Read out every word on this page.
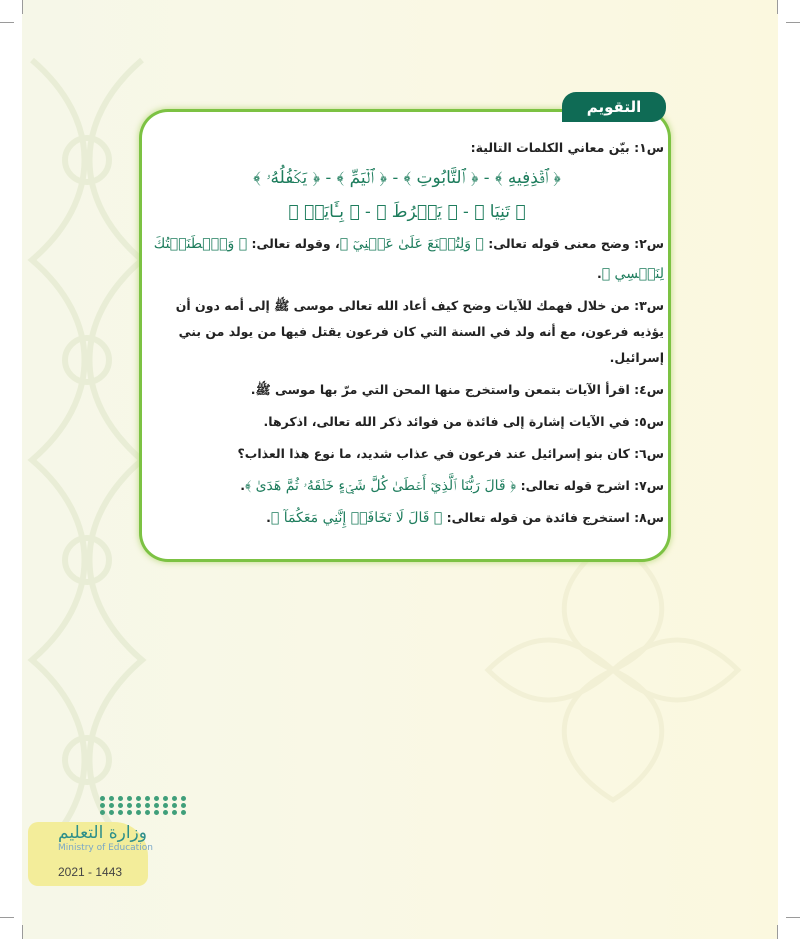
التقويم

س١: بيّن معاني الكلمات التالية:

﴿ ٱقۡذِفِيهِ ﴾ - ﴿ ٱلتَّابُوتِ ﴾ - ﴿ ٱلۡيَمِّ ﴾ - ﴿ يَكۡفُلُهُۥ ﴾
﴿ تَنِيَا ﴾ - ﴿ يَفۡرُطَ ﴾ - ﴿ بِـَٔايَةٖ ﴾

س٢: وضح معنى قوله تعالى: ﴿ وَلِتُصۡنَعَ عَلَىٰ عَيۡنِيٓ ﴾، وقوله تعالى: ﴿ وَٱصۡطَنَعۡتُكَ لِنَفۡسِي ﴾.

س٣: من خلال فهمك للآيات وضح كيف أعاد الله تعالى موسى ﷺ إلى أمه دون أن يؤذيه فرعون، مع أنه ولد في السنة التي كان فرعون يقتل فيها من يولد من بني إسرائيل.

س٤: اقرأ الآيات بتمعن واستخرج منها المحن التي مرّ بها موسى ﷺ.

س٥: في الآيات إشارة إلى فائدة من فوائد ذكر الله تعالى، اذكرها.

س٦: كان بنو إسرائيل عند فرعون في عذاب شديد، ما نوع هذا العذاب؟

س٧: اشرح قوله تعالى: ﴿ قَالَ رَبُّنَا ٱلَّذِيٓ أَعۡطَىٰ كُلَّ شَيۡءٍ خَلۡقَهُۥ ثُمَّ هَدَىٰ ﴾.

س٨: استخرج فائدة من قوله تعالى: ﴿ قَالَ لَا تَخَافَآۖ إِنَّنِي مَعَكُمَآ ﴾.

وزارة التعليم
Ministry of Education
2021 - 1443
